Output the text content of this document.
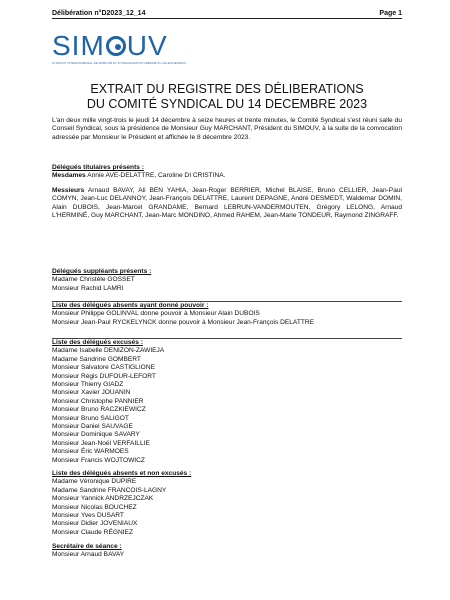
Délibération n°D2023_12_14	Page 1
SIM UV
SYNDICAT INTERCOMMUNAL DE MOBILITÉ ET D'ORGANISATION URBAINE DU VALENCIENNOIS
EXTRAIT DU REGISTRE DES DÉLIBERATIONS
DU COMITÉ SYNDICAL DU 14 DECEMBRE 2023
L'an deux mille vingt-trois le jeudi 14 décembre à seize heures et trente minutes, le Comité Syndical s'est réuni salle du Conseil Syndical, sous la présidence de Monsieur Guy MARCHANT, Président du SIMOUV, à la suite de la convocation adressée par Monsieur le Président et affichée le 8 décembre 2023.
Délégués titulaires présents :
Mesdames Annie AVE-DELATTRE, Caroline DI CRISTINA.
Messieurs Arnaud BAVAY, Ali BEN YAHIA, Jean-Roger BERRIER, Michel BLAISE, Bruno CELLIER, Jean-Paul COMYN, Jean-Luc DELANNOY, Jean-François DELATTRE, Laurent DEPAGNE, André DESMEDT, Waldemar DOMIN, Alain DUBOIS, Jean-Marcel GRANDAME, Bernard LEBRUN-VANDERMOUTEN, Grégory LELONG, Arnaud L'HERMINÉ, Guy MARCHANT, Jean-Marc MONDINO, Ahmed RAHEM, Jean-Marie TONDEUR, Raymond ZINGRAFF.
Délégués suppléants présents :
Madame Christèle GOSSET
Monsieur Rachid LAMRI
Liste des délégués absents ayant donné pouvoir :
Monsieur Philippe GOLINVAL donne pouvoir à Monsieur Alain DUBOIS
Monsieur Jean-Paul RYCKELYNCK donne pouvoir à Monsieur Jean-François DELATTRE
Liste des délégués excusés :
Madame Isabelle DENIZON-ZAWIEJA
Madame Sandrine GOMBERT
Monsieur Salvatore CASTIGLIONE
Monsieur Régis DUFOUR-LEFORT
Monsieur Thierry GIADZ
Monsieur Xavier JOUANIN
Monsieur Christophe PANNIER
Monsieur Bruno RACZKIEWICZ
Monsieur Bruno SALIGOT
Monsieur Daniel SAUVAGE
Monsieur Dominique SAVARY
Monsieur Jean-Noël VERFAILLIE
Monsieur Éric WARMOES
Monsieur Francis WOJTOWICZ
Liste des délégués absents et non excusés :
Madame Véronique DUPIRE
Madame Sandrine FRANCOIS-LAGNY
Monsieur Yannick ANDRZEJCZAK
Monsieur Nicolas BOUCHEZ
Monsieur Yves DUSART
Monsieur Didier JOVENIAUX
Monsieur Claude RÉGNIEZ
Secrétaire de séance :
Monsieur Arnaud BAVAY
